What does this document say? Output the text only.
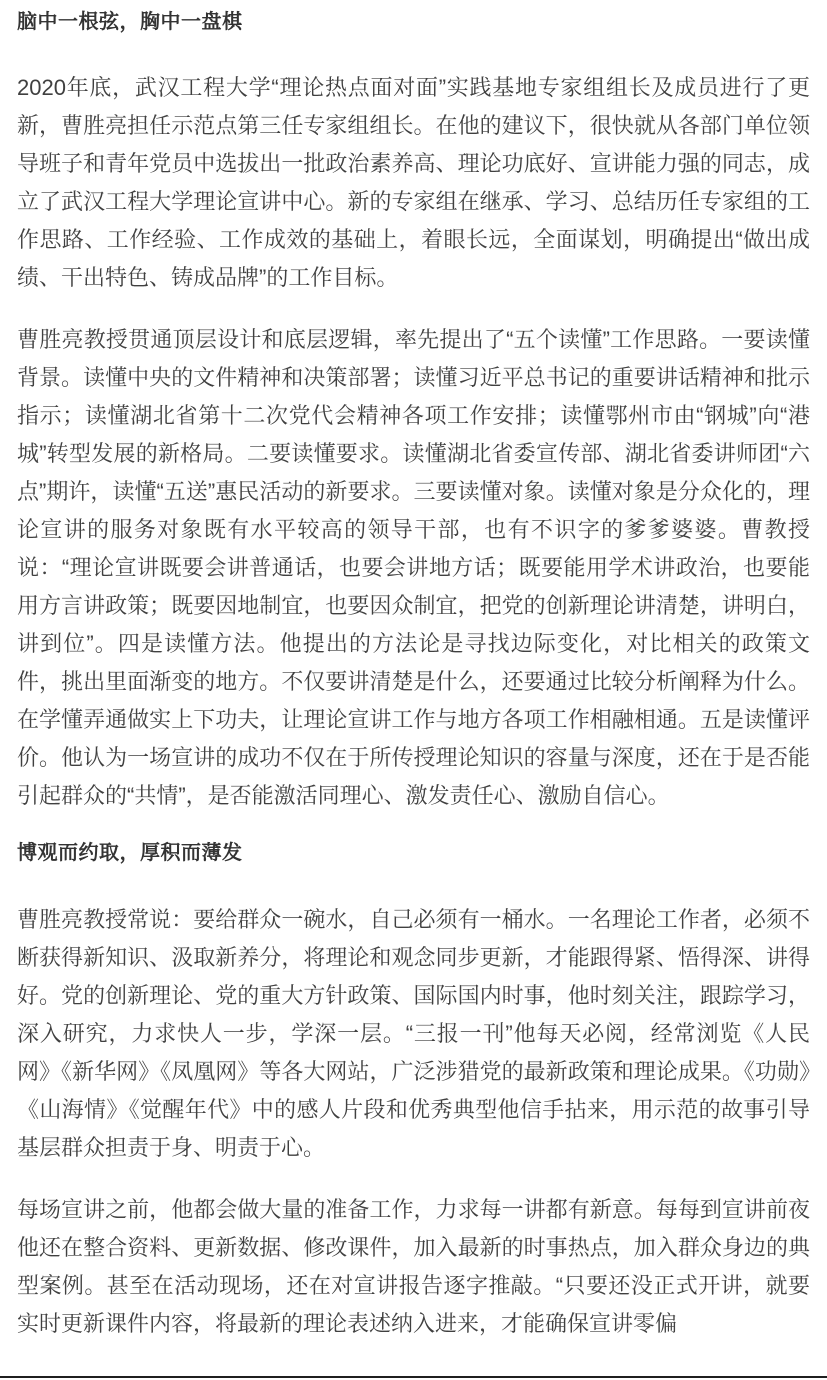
脑中一根弦，胸中一盘棋

2020年底，武汉工程大学“理论热点面对面”实践基地专家组组长及成员进行了更新，曹胜亮担任示范点第三任专家组组长。在他的建议下，很快就从各部门单位领导班子和青年党员中选拔出一批政治素养高、理论功底好、宣讲能力强的同志，成立了武汉工程大学理论宣讲中心。新的专家组在继承、学习、总结历任专家组的工作思路、工作经验、工作成效的基础上，着眼长远，全面谋划，明确提出“做出成绩、干出特色、铸成品牌”的工作目标。

曹胜亮教授贯通顶层设计和底层逻辑，率先提出了“五个读懂”工作思路。一要读懂背景。读懂中央的文件精神和决策部署；读懂习近平总书记的重要讲话精神和批示指示；读懂湖北省第十二次党代会精神各项工作安排；读懂鄂州市由“钢城”向“港城”转型发展的新格局。二要读懂要求。读懂湖北省委宣传部、湖北省委讲师团“六点”期许，读懂“五送”惠民活动的新要求。三要读懂对象。读懂对象是分众化的，理论宣讲的服务对象既有水平较高的领导干部，也有不识字的爹爹婆婆。曹教授说：“理论宣讲既要会讲普通话，也要会讲地方话；既要能用学术讲政治，也要能用方言讲政策；既要因地制宜，也要因众制宜，把党的创新理论讲清楚，讲明白，讲到位”。四是读懂方法。他提出的方法论是寻找边际变化，对比相关的政策文件，挑出里面渐变的地方。不仅要讲清楚是什么，还要通过比较分析阐释为什么。在学懂弄通做实上下功夫，让理论宣讲工作与地方各项工作相融相通。五是读懂评价。他认为一场宣讲的成功不仅在于所传授理论知识的容量与深度，还在于是否能引起群众的“共情”，是否能激活同理心、激发责任心、激励自信心。

博观而约取，厚积而薄发

曹胜亮教授常说：要给群众一碗水，自己必须有一桶水。一名理论工作者，必须不断获得新知识、汲取新养分，将理论和观念同步更新，才能跟得紧、悟得深、讲得好。党的创新理论、党的重大方针政策、国际国内时事，他时刻关注，跟踪学习，深入研究，力求快人一步，学深一层。“三报一刊”他每天必阅，经常浏览《人民网》《新华网》《凤凰网》等各大网站，广泛涉猎党的最新政策和理论成果。《功勋》《山海情》《觉醒年代》中的感人片段和优秀典型他信手拈来，用示范的故事引导基层群众担责于身、明责于心。

每场宣讲之前，他都会做大量的准备工作，力求每一讲都有新意。每每到宣讲前夜他还在整合资料、更新数据、修改课件，加入最新的时事热点，加入群众身边的典型案例。甚至在活动现场，还在对宣讲报告逐字推敲。“只要还没正式开讲，就要实时更新课件内容，将最新的理论表述纳入进来，才能确保宣讲零偏
